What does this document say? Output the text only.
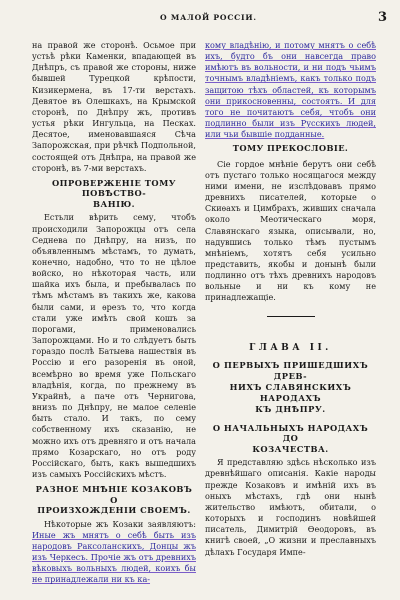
О МАЛОЙ РОССIИ.	3

на правой же сторонѣ. Осьмое при устьѣ рѣки Каменки, впадающей въ Днѣпръ, съ правой же стороны, ниже бывшей Турецкой крѣпости, Кизикермена, въ 17-ти верстахъ. Девятое въ Олешкахъ, на Крымской сторонѣ, по Днѣпру жъ, противъ устья рѣки Ингульца, на Песках. Десятое, именовавшаяся Сѣча Запорожская, при рѣчкѣ Подпольной, состоящей отъ Днѣпра, на правой же сторонѣ, въ 7-ми верстахъ.

ОПРОВЕРЖЕНІЕ ТОМУ ПОВѢСТВО-
ВАНІЮ.

Естьли вѣрить сему, чтобъ происходили Запорожцы отъ села Седнева по Днѣпру, на низъ, по объявленнымъ мѣстамъ, то думать, конечно, надобно, что то не цѣлое войско, но нѣкоторая часть, или шайка ихъ была, и пребывалась по тѣмъ мѣстамъ въ такихъ же, какова были сами, и ѳрезъ то, что когда стали уже имѣть свой кошъ за порогами, применовались Запорожцами. Но и то слѣдуетъ быть гораздо послѣ Батыева нашествія въ Россію и его разоренія въ оной, всемѣрно во время уже Польскаго владѣнія, когда, по прежнему въ Украйнѣ, а паче отъ Чернигова, внизъ по Днѣпру, не малое селеніе быть стало. И такъ, по сему собственному ихъ сказанію, не можно ихъ отъ древняго и отъ начала прямо Козарскаго, но отъ роду Россійскаго, быть, какъ вышедшихъ изъ самыхъ Россійскихъ мѣстъ.

РАЗНОЕ МНѢНІЕ КОЗАКОВЪ О
ПРОИЗХОЖДЕНІИ СВОЕМЪ.

Нѣкоторые жъ Козаки заявляютъ: Иные жъ мнятъ о себѣ быть изъ народовъ Раксоланскихъ, Донцы жъ изъ Черкесъ. Прочіе жъ отъ древнихъ вѣковыхъ вольныхъ людей, коихъ бы не принадлежали ни къ ка-

кому владѣнію, и потому мнятъ о себѣ ихъ, будто бъ они навсегда право имѣютъ въ вольности, и ни подъ чьимъ точнымъ владѣніемъ, какъ только подъ защитою тѣхъ областей, къ которымъ они прикосновенны, состоятъ. И для того не почитаютъ себя, чтобъ они подлинно были изъ Русскихъ людей, или чьи бывшіе подданные.

ТОМУ ПРЕКОСЛОВІЕ.

Сіе гордое мнѣніе берутъ они себѣ отъ пустаго только носящагося между ними имени, не изслѣдовавъ прямо древнихъ писателей, которые о Скиѳахъ и Цимбрахъ, живших сначала около Меотическаго моря, Славянскаго языка, описывали, но, надувшись только тѣмъ пустымъ мнѣніемъ, хотятъ себя усильно представить, якобы и донынѣ были подлинно отъ тѣхъ древнихъ народовъ вольные и ни къ кому не принадлежащіе.

ГЛАВА II.
О ПЕРВЫХЪ ПРИШЕДШИХЪ ДРЕВ-
НИХЪ СЛАВЯНСКИХЪ НАРОДАХЪ
КЪ ДНѢПРУ.
О НАЧАЛЬНЫХЪ НАРОДАХЪ ДО
КОЗАЧЕСТВА.

Я представляю здѣсь нѣсколько изъ древнѣйшаго описанія. Какіе народы прежде Козаковъ и имѣній ихъ въ оныхъ мѣстахъ, гдѣ они нынѣ жительство имѣютъ, обитали, о которыхъ и господинъ новѣйшей писатель, Димитрій Ѳеодоровъ, въ книгѣ своей, „О жизни и преславныхъ дѣлахъ Государя Импе-
